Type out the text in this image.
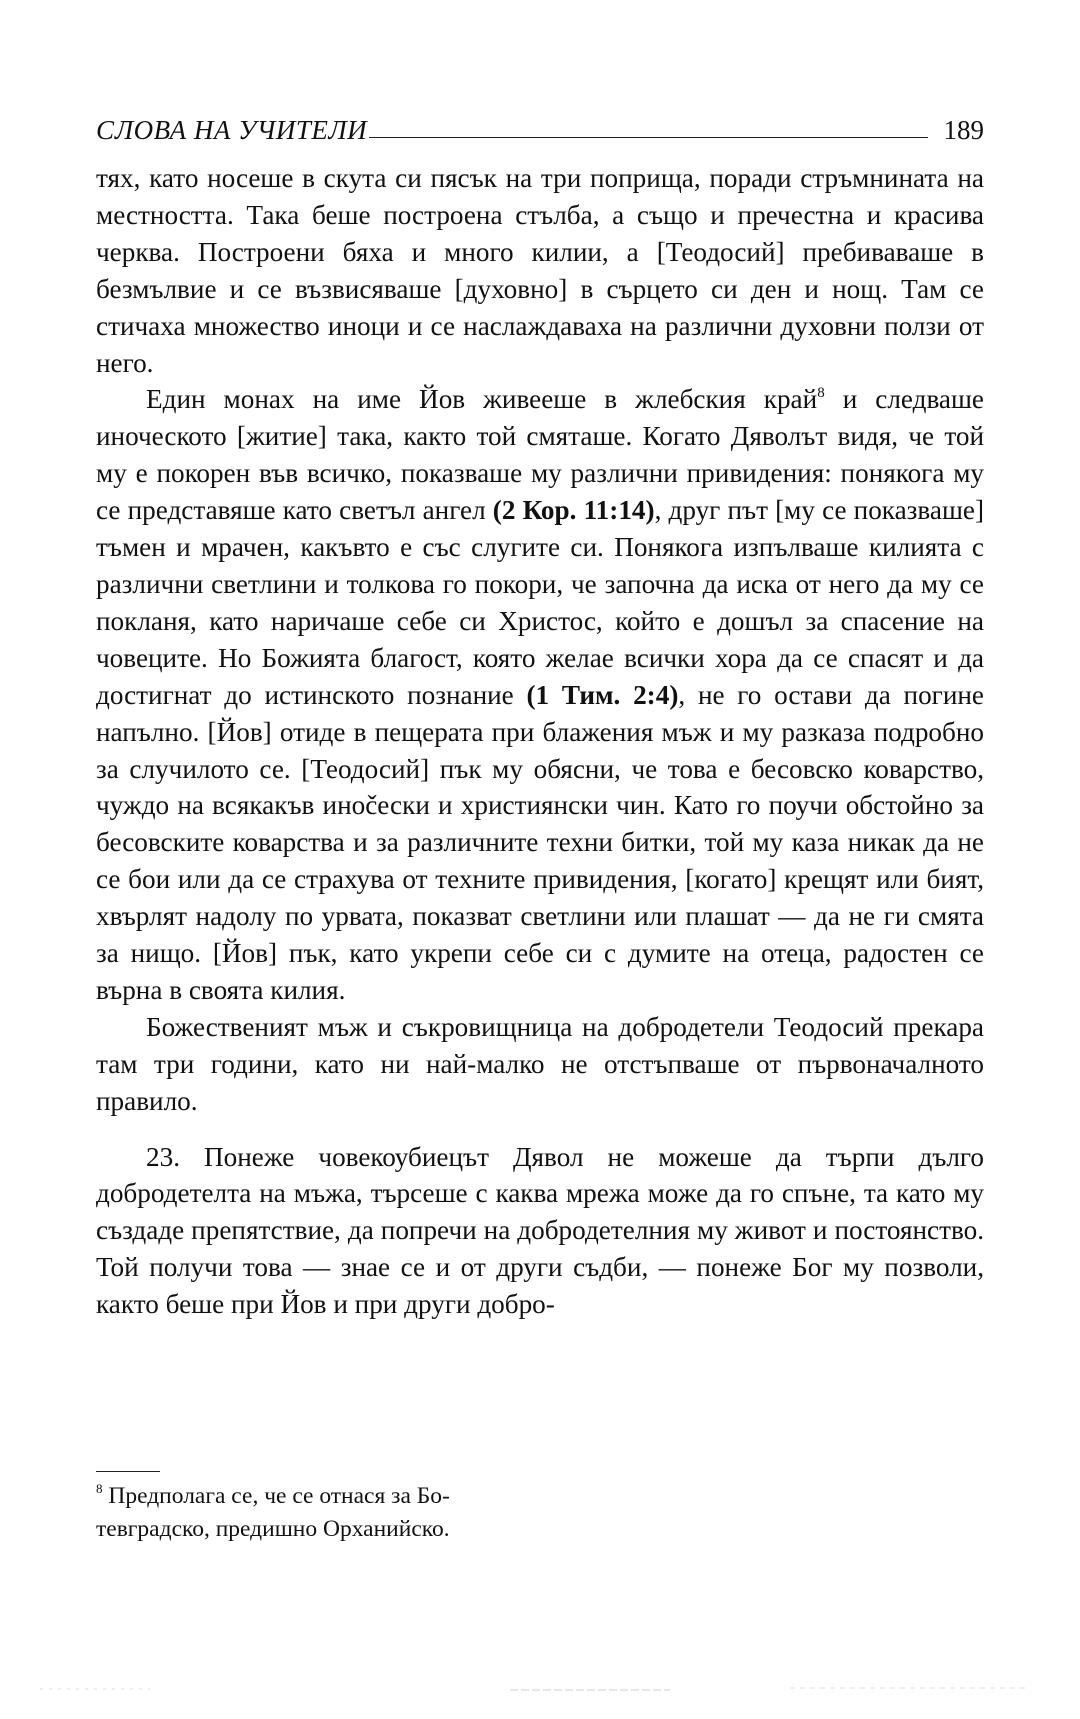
СЛОВА НА УЧИТЕЛИ	189

тях, като носеше в скута си пясък на три поприща, поради стръмнината на местността. Така беше построена стълба, а също и пречестна и красива черква. Построени бяха и много килии, а [Теодосий] пребиваваше в безмълвие и се възвисяваше [духовно] в сърцето си ден и нощ. Там се стичаха множество иноци и се наслаждаваха на различни духовни ползи от него.

Един монах на име Йов живееше в жлебския край$^8$ и следваше иноческото [житие] така, както той смяташе. Когато Дяволът видя, че той му е покорен във всичко, показваше му различни привидения: понякога му се представяше като светъл ангел (2 Кор. 11:14), друг път [му се показваше] тъмен и мрачен, какъвто е със слугите си. Понякога изпълваше килията с различни светлини и толкова го покори, че започна да иска от него да му се покланя, като наричаше себе си Христос, който е дошъл за спасение на човеците. Но Божията благост, която желае всички хора да се спасят и да достигнат до истинското познание (1 Тим. 2:4), не го остави да погине напълно. [Йов] отиде в пещерата при блажения мъж и му разказа подробно за случилото се. [Теодосий] пък му обясни, че това е бесовско коварство, чуждо на всякакъв инočески и християнски чин. Като го поучи обстойно за бесовските коварства и за различните техни битки, той му каза никак да не се бои или да се страхува от техните привидения, [когато] крещят или бият, хвърлят надолу по урвата, показват светлини или плашат — да не ги смята за нищо. [Йов] пък, като укрепи себе си с думите на отеца, радостен се върна в своята килия.

Божественият мъж и съкровищница на добродетели Теодосий прекара там три години, като ни най-малко не отстъпваше от първоначалното правило.

23. Понеже човекоубиецът Дявол не можеше да търпи дълго добродетелта на мъжа, търсеше с каква мрежа може да го спъне, та като му създаде препятствие, да попречи на добродетелния му живот и постоянство. Той получи това — знае се и от други съдби, — понеже Бог му позволи, както беше при Йов и при други добро-

$^8$ Предполага се, че се отнася за Ботевградско, предишно Орханийско.
